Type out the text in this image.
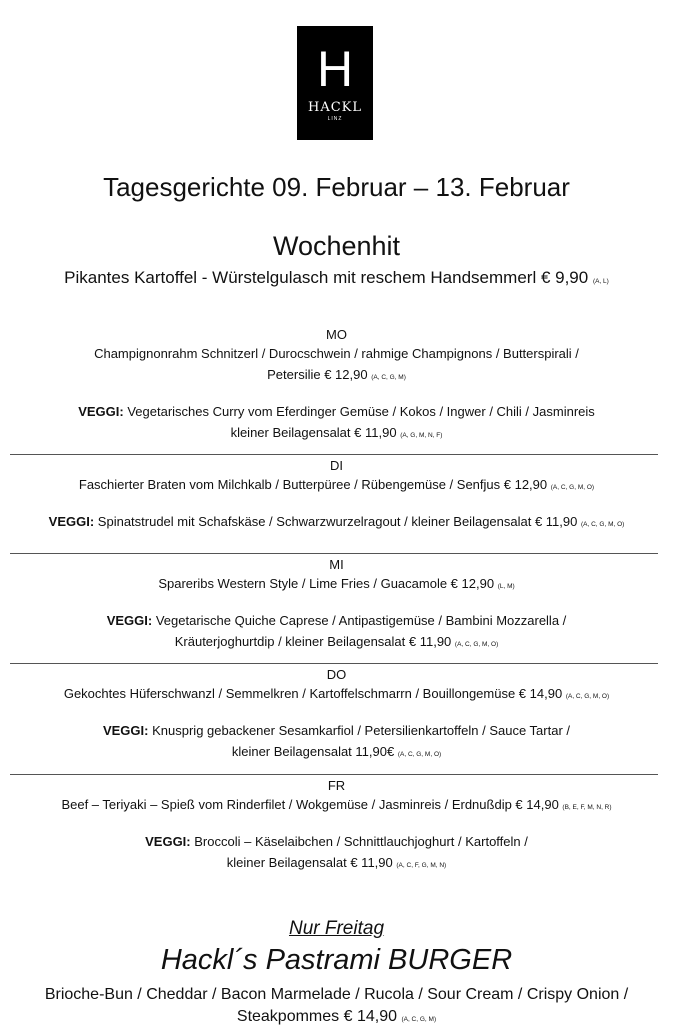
H
HACKL
LINZ
Tagesgerichte 09. Februar – 13. Februar
Wochenhit
Pikantes Kartoffel - Würstelgulasch mit reschem Handsemmerl € 9,90 (A, L)
MO
Champignonrahm Schnitzerl / Durocschwein / rahmige Champignons / Butterspirali /
Petersilie € 12,90 (A, C, G, M)
VEGGI: Vegetarisches Curry vom Eferdinger Gemüse / Kokos / Ingwer / Chili / Jasminreis
kleiner Beilagensalat € 11,90 (A, G, M, N, F)
DI
Faschierter Braten vom Milchkalb / Butterpüree / Rübengemüse / Senfjus € 12,90 (A, C, G, M, O)
VEGGI: Spinatstrudel mit Schafskäse / Schwarzwurzelragout / kleiner Beilagensalat € 11,90 (A, C, G, M, O)
MI
Spareribs Western Style / Lime Fries / Guacamole € 12,90 (L, M)
VEGGI: Vegetarische Quiche Caprese / Antipastigemüse / Bambini Mozzarella /
Kräuterjoghurtdip / kleiner Beilagensalat € 11,90 (A, C, G, M, O)
DO
Gekochtes Hüferschwanzl / Semmelkren / Kartoffelschmarrn / Bouillongemüse € 14,90 (A, C, G, M, O)
VEGGI: Knusprig gebackener Sesamkarfiol / Petersilienkartoffeln / Sauce Tartar /
kleiner Beilagensalat 11,90€ (A, C, G, M, O)
FR
Beef – Teriyaki – Spieß vom Rinderfilet / Wokgemüse / Jasminreis / Erdnußdip € 14,90 (B, E, F, M, N, R)
VEGGI: Broccoli – Käselaibchen / Schnittlauchjoghurt / Kartoffeln /
kleiner Beilagensalat € 11,90 (A, C, F, G, M, N)
Nur Freitag
Hackl´s Pastrami BURGER
Brioche-Bun / Cheddar / Bacon Marmelade / Rucola / Sour Cream / Crispy Onion /
Steakpommes € 14,90 (A, C, G, M)
